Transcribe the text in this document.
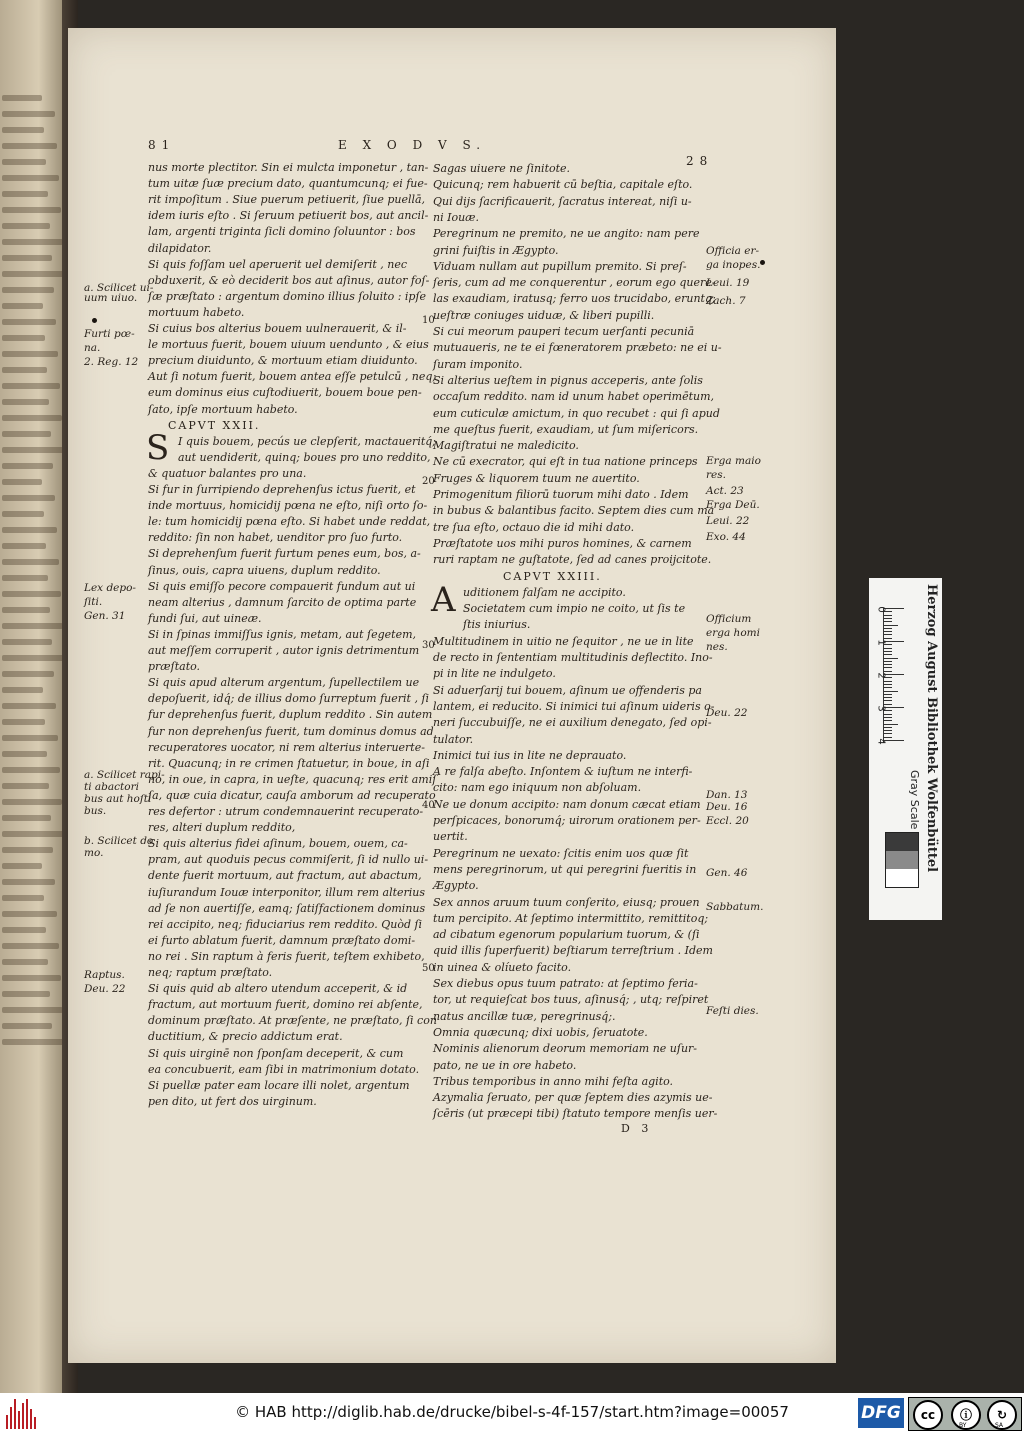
81	E X O D V S.
28
nus morte plectitor. Sin ei mulcta imponetur , tan-
tum uitæ ſuæ precium dato, quantumcunq; ei fue-
rit impoſitum . Siue puerum petiuerit, ſiue puellā,
idem iuris eſto . Si ſeruum petiuerit bos, aut ancil-
lam, argenti triginta ſicli domino ſoluuntor : bos
dilapidator.
Si quis foſſam uel aperuerit uel demiſerit , nec
obduxerit, & eò deciderit bos aut aſinus, autor foſ-
ſæ præſtato : argentum domino illius ſoluito : ipſe
mortuum habeto.
Si cuius bos alterius bouem uulnerauerit, & il-
le mortuus fuerit, bouem uiuum uendunto , & eius
precium diuidunto, & mortuum etiam diuidunto.
Aut ſi notum fuerit, bouem antea eſſe petulcū , neq;
eum dominus eius cuſtodiuerit, bouem boue pen-
ſato, ipſe mortuum habeto.
CAPVT XXII.
I quis bouem, pecús ue clepſerit, mactaueritq́;
aut uendiderit, quinq; boues pro uno reddito,
& quatuor balantes pro una.
Si fur in ſurripiendo deprehenſus ictus fuerit, et
inde mortuus, homicidij pœna ne eſto, niſi orto ſo-
le: tum homicidij pœna eſto. Si habet unde reddat,
reddito: ſin non habet, uenditor pro ſuo furto.
Si deprehenſum fuerit furtum penes eum, bos, a-
ſinus, ouis, capra uiuens, duplum reddito.
Si quis emiſſo pecore compauerit fundum aut ui
neam alterius , damnum ſarcito de optima parte
fundi ſui, aut uineæ.
Si in ſpinas immiſſus ignis, metam, aut ſegetem,
aut meſſem corruperit , autor ignis detrimentum
præſtato.
Si quis apud alterum argentum, ſupellectilem ue
depoſuerit, idq́; de illius domo ſurreptum fuerit , ſi
fur deprehenſus fuerit, duplum reddito . Sin autem
fur non deprehenſus fuerit, tum dominus domus ad
recuperatores uocator, ni rem alterius interuerte-
rit. Quacunq; in re crimen ſtatuetur, in boue, in aſi
no, in oue, in capra, in ueſte, quacunq; res erit amiſ
ſa, quæ cuia dicatur, cauſa amborum ad recuperato
res defertor : utrum condemnauerint recuperato-
res, alteri duplum reddito,
Si quis alterius fidei aſinum, bouem, ouem, ca-
pram, aut quoduis pecus commiſerit, ſi id nullo ui-
dente fuerit mortuum, aut fractum, aut abactum,
iuſiurandum Iouæ interponitor, illum rem alterius
ad ſe non auertiſſe, eamq; ſatiſfactionem dominus
rei accipito, neq; fiduciarius rem reddito. Quòd ſi
ei furto ablatum fuerit, damnum præſtato domi-
no rei . Sin raptum à feris fuerit, teſtem exhibeto,
neq; raptum præſtato.
Si quis quid ab altero utendum acceperit, & id
fractum, aut mortuum fuerit, domino rei abſente,
dominum præſtato. At præſente, ne præſtato, ſi con
ductitium, & precio addictum erat.
Si quis uirginē non ſponſam deceperit, & cum
ea concubuerit, eam ſibi in matrimonium dotato.
Si puellæ pater eam locare illi nolet, argentum
pen dito, ut fert dos uirginum.
Sagas uiuere ne ſinitote.
Quicunq; rem habuerit cū beſtia, capitale eſto.
Qui dijs ſacrificauerit, ſacratus intereat, niſi u-
ni Iouæ.
Peregrinum ne premito, ne ue angito: nam pere
grini fuiſtis in Ægypto.
Viduam nullam aut pupillum premito. Si preſ-
ſeris, cum ad me conquerentur , eorum ego quere-
las exaudiam, iratusq; ferro uos trucidabo, eruntq;
ueſtræ coniuges uiduæ, & liberi pupilli.
Si cui meorum pauperi tecum uerſanti pecuniā
mutuaueris, ne te ei fœneratorem præbeto: ne ei u-
ſuram imponito.
Si alterius ueſtem in pignus acceperis, ante ſolis
occaſum reddito. nam id unum habet operimētum,
eum cuticulæ amictum, in quo recubet : qui ſi apud
me queſtus fuerit, exaudiam, ut ſum miſericors.
Magiſtratui ne maledicito.
Ne cū execrator, qui eſt in tua natione princeps
Fruges & liquorem tuum ne auertito.
Primogenitum filiorū tuorum mihi dato . Idem
in bubus & balantibus facito. Septem dies cum ma
tre ſua eſto, octauo die id mihi dato.
Præſtatote uos mihi puros homines, & carnem
ruri raptam ne guſtatote, ſed ad canes proijcitote.
CAPVT XXIII.
uditionem falſam ne accipito.
Societatem cum impio ne coito, ut ſis te
ſtis iniurius.
Multitudinem in uitio ne ſequitor , ne ue in lite
de recto in ſententiam multitudinis deflectito. Ino-
pi in lite ne indulgeto.
Si aduerſarij tui bouem, aſinum ue offenderis pa
lantem, ei reducito. Si inimici tui aſinum uideris o-
neri ſuccubuiſſe, ne ei auxilium denegato, ſed opi-
tulator.
Inimici tui ius in lite ne deprauato.
A re falſa abeſto. Inſontem & iuſtum ne interfi-
cito: nam ego iniquum non abſoluam.
Ne ue donum accipito: nam donum cæcat etiam
perſpicaces, bonorumq́; uirorum orationem per-
uertit.
Peregrinum ne uexato: ſcitis enim uos quæ ſit
mens peregrinorum, ut qui peregrini fueritis in
Ægypto.
Sex annos aruum tuum conſerito, eiusq; prouen
tum percipito. At ſeptimo intermittito, remittitoq;
ad cibatum egenorum popularium tuorum, & (ſi
quid illis ſuperfuerit) beſtiarum terreſtrium . Idem
in uinea & olíueto facito.
Sex diebus opus tuum patrato: at ſeptimo feria-
tor, ut requieſcat bos tuus, aſinusq́; , utq; reſpiret
natus ancillæ tuæ, peregrinusq́;.
Omnia quæcunq; dixi uobis, ſeruatote.
Nominis alienorum deorum memoriam ne uſur-
pato, ne ue in ore habeto.
Tribus temporibus in anno mihi feſta agito.
Azymalia ſeruato, per quæ ſeptem dies azymis ue-
ſcēris (ut præcepi tibi) ſtatuto tempore menſis uer-
S
A
a. Scilicet ui-
uum uiuo.
Furti pœ-
na.
2. Reg. 12
Lex depo-
ſiti.
Gen. 31
a. Scilicet rapi-
ti abactori
bus aut hoſti
bus.
b. Scilicet do
mo.
Raptus.
Deu. 22
Officia er-
ga inopes.
Leui. 19
Zach. 7
Erga maio
res.
Act. 23
Erga Deū.
Leui. 22
Exo. 44
Officium
erga homi
nes.
Deu. 22
Dan. 13
Deu. 16
Eccl. 20
Gen. 46
Sabbatum.
Feſti dies.
10
20
30
40
50
D 3
Herzog August Bibliothek Wolfenbüttel
0
1
2
3
4
Gray Scale
© HAB http://diglib.hab.de/drucke/bibel-s-4f-157/start.htm?image=00057	DFG	cc	ⓘ	↻
BY	SA
